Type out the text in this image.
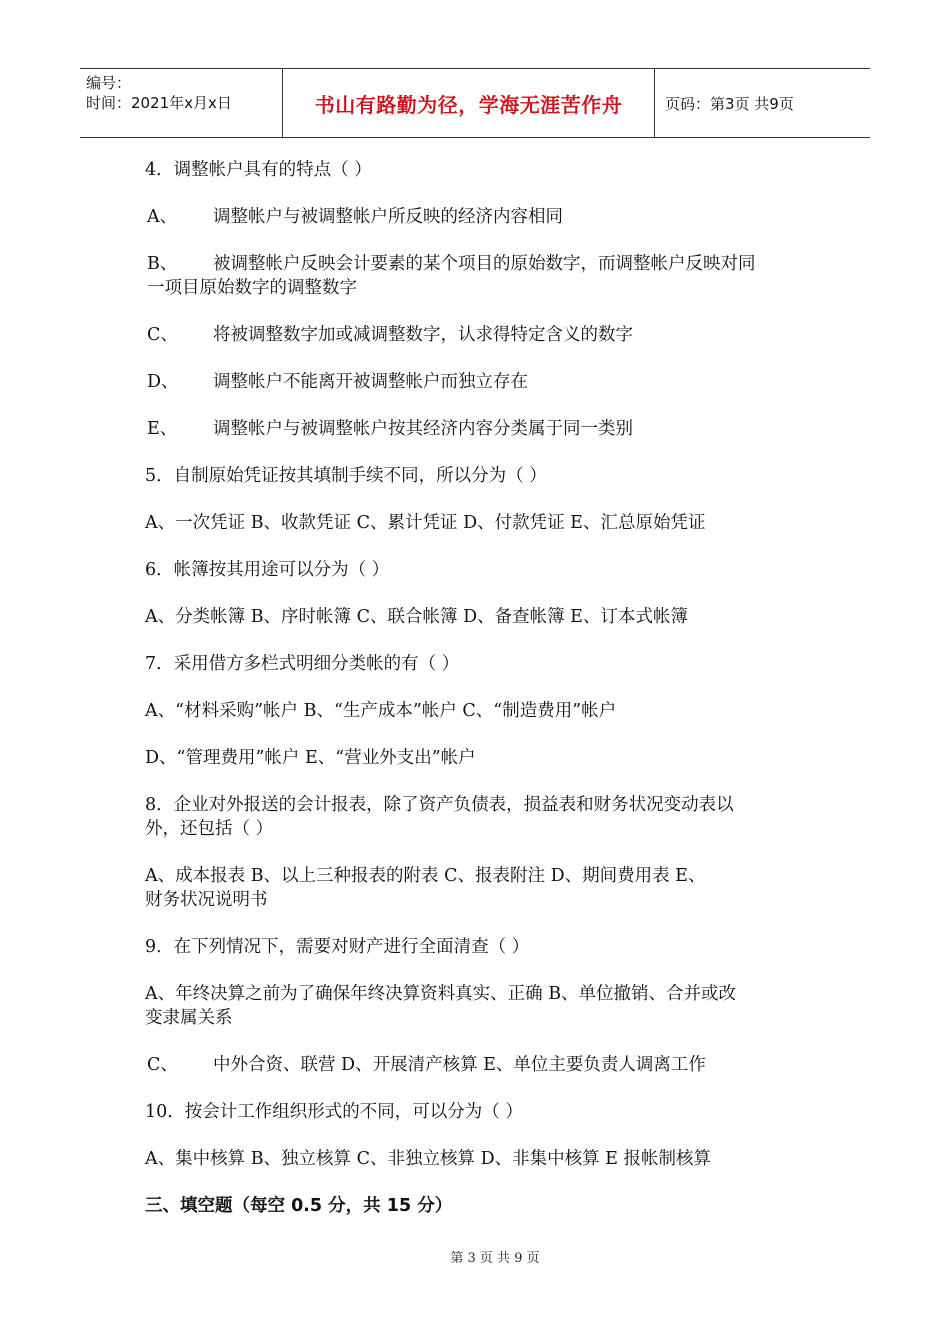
编号：
时间：2021年x月x日	书山有路勤为径，学海无涯苦作舟	页码：第3页 共9页

4．调整帐户具有的特点（ ）

A、 调整帐户与被调整帐户所反映的经济内容相同

B、 被调整帐户反映会计要素的某个项目的原始数字，而调整帐户反映对同

一项目原始数字的调整数字

C、 将被调整数字加或减调整数字，认求得特定含义的数字

D、 调整帐户不能离开被调整帐户而独立存在

E、 调整帐户与被调整帐户按其经济内容分类属于同一类别

5．自制原始凭证按其填制手续不同，所以分为（ ）

A、一次凭证 B、收款凭证 C、累计凭证 D、付款凭证 E、汇总原始凭证

6．帐簿按其用途可以分为（ ）

A、分类帐簿 B、序时帐簿 C、联合帐簿 D、备查帐簿 E、订本式帐簿

7．采用借方多栏式明细分类帐的有（ ）

A、“材料采购”帐户 B、“生产成本”帐户 C、“制造费用”帐户

D、“管理费用”帐户 E、“营业外支出”帐户

8．企业对外报送的会计报表，除了资产负债表，损益表和财务状况变动表以

外，还包括（ ）

A、成本报表 B、以上三种报表的附表 C、报表附注 D、期间费用表 E、

财务状况说明书

9．在下列情况下，需要对财产进行全面清查（ ）

A、年终决算之前为了确保年终决算资料真实、正确 B、单位撤销、合并或改

变隶属关系

C、 中外合资、联营 D、开展清产核算 E、单位主要负责人调离工作

10．按会计工作组织形式的不同，可以分为（ ）

A、集中核算 B、独立核算 C、非独立核算 D、非集中核算 E 报帐制核算

三、填空题（每空 0.5 分，共 15 分）

第 3 页 共 9 页
